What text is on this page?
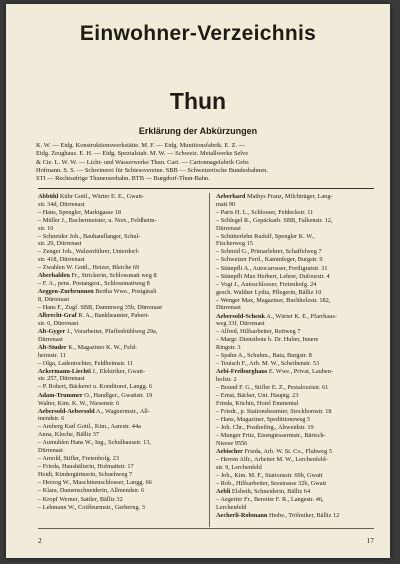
Einwohner-Verzeichnis
Thun
Erklärung der Abkürzungen
K. W. — Eidg. Konstruktionswerkstätte. M. F. — Eidg. Munitionsfabrik. E. Z. —
Eidg. Zeughaus. E. H. — Eidg. Spezialstab. M. W. — Schweiz. Metallwerke Selve
& Cie. L. W. W. — Licht- und Wasserwerke Thun. Cart. — Cartonnagefabrik Gebr.
Hofmann. S. S. — Schreinerei für Schiessvereine. SBB — Schweizerische Bundesbahnen.
STI — Rechtsufrige Thunerseebahn. BTB — Burgdorf-Thun-Bahn.
Abbühl Kühr Gottl., Wärter E. E., Gwatt-
str. 34d, Dürrenast
– Hans, Spengler, Marktgasse 18
– Müller J., Buchermeister, u. Nort., Feldheim-
str. 10
– Schneider Joh., Bauhandlanger, Schul-
str. 29, Dürrenast
– Zenger Joh., Walzenführer, Unterdorf-
str. 418, Dürrenast
– Zwahlen W. Gottl., Heizer, Bleiche 69
Aberhalden Fr., Strickerin, Schlossmatt weg 8
– F. A., pens. Postangest., Schlossmattweg 8
Aeggen-Zurbrunnen Bertha Wwe., Postgässli
8, Dürrenast
– Hans F., Zugf. SBB, Dammweg 35b, Dürrenast
Albrecht-Graf R. A., Bankbeamter, Pabert-
str. 6, Dürrenast
Alt-Gyger J., Vorarbeiter, Pfaffenbühlweg 29a,
Dürrenast
Alt-Studer K., Magaziner K. W., Feld-
heimstr. 11
– Olga, Ladentochter, Feldheimstr. 11
Ackermann-Liechti J., Elektriker, Gwatt-
str. 257, Dürrenast
– P. Robert, Bäckerei u. Konditorei, Langg. 6
Adam-Trummer O., Handlger., Gwattstr. 19
Walter, Kim. K. W., Niesenstr. 6
Aebersold-Aebersold A., Wagnermstr., All-
mendstr. 6
– Amberg Karl Gottl., Kim., Aarestr. 44a
Anna, Kloche, Bälliz 37
– Aumuhlen Hans W., Ing., Schulhausstr. 13,
Dürrenast
– Arnold, Stifler, Freienhofg. 23
– Frieda, Haushälterin, Hofmattstr. 17
Heidi, Kindergärtnerin, Schuehweg 7
– Herzog W., Maschinenschlosser, Langg. 66
– Klara, Damenschneiderin, Allmendstr. 6
– Kropf Werner, Sattler, Bälliz 32
– Lehmann W., Coiffeurmstr., Gerberng. 3
Aeberhard Mathys Franz, Milchträger, Lang-
matt 90
– Paris H. L., Schlosser, Feldeckstr. 11
– Schlegel R., Gepäckarb. SBB, Falkenstr. 12,
Dürrenast
– Schütterlehn Rudolf, Spengler K. W.,
Fischerweg 15
– Schmid G., Primarlehrer, Schaffelweg 7
– Schweizer Ferd., Kaminfeger, Burgstr. 9
– Stämpfli A., Autocarosser, Freiligratstr. 31
– Stämpfli Max Herbert, Lehrer, Dufourstr. 4
– Vogt J., Autoschlosser, Freienhofg. 24
gesch. Walther Lydia, Pflegerin, Bälliz 10
– Wenger Max, Magaziner, Buchholzstr. 182,
Dürrenast
Aebersold-Schenk A., Wärter K. E., Pfarrhaus-
weg 33f, Dürrenast
– Alfred, Hilfsarbeiter, Reitweg 7
– Margr. Dienstbote b. Dr. Huber, Innere
Ringstr. 3
– Spahn A., Schuhm., Bata, Burgstr. 8
– Teutsch F., Arb. M. W., Scheibenstr. 53
Aebi-Freiburghaus E. Wwe., Privat, Lauben-
hofstr. 2
– Bound F. G., Stifler E. Z., Pestalozzistr. 61
– Ernst, Bäcker, Unt. Hauptg. 23
Frieda, Köchin, Hotel Emmental
– Friedr., p. Stationsbeamter, Stockhornstr. 18
– Hans, Magaziner, Spedittionsweg 5
– Joh. Chr., Postbeförg., Altweidstr. 19
– Munger Fritz, Eisengiessermstr., Bärtsch-
Nieese 9556
Aebischer Frieda, Arb. W. St. Co., Fluhweg 5
– Herren Alfr., Arbeiter M. W., Lerchenfeld-
str. 9, Lerchenfeld
– Joh., Kim. M. F., Stationsstr. 69b, Gwatt
– Rob., Hilfsarbeiter, Seestrasse 32b, Gwatt
Aebli Elsbeth, Schneiderin, Bälliz 64
– Aegerter Fr., Bereiter F. R., Langestr. 46,
Lerchenfeld
Aecherli-Robmann Hedw., Trölmiker, Bälliz 12
2	17
